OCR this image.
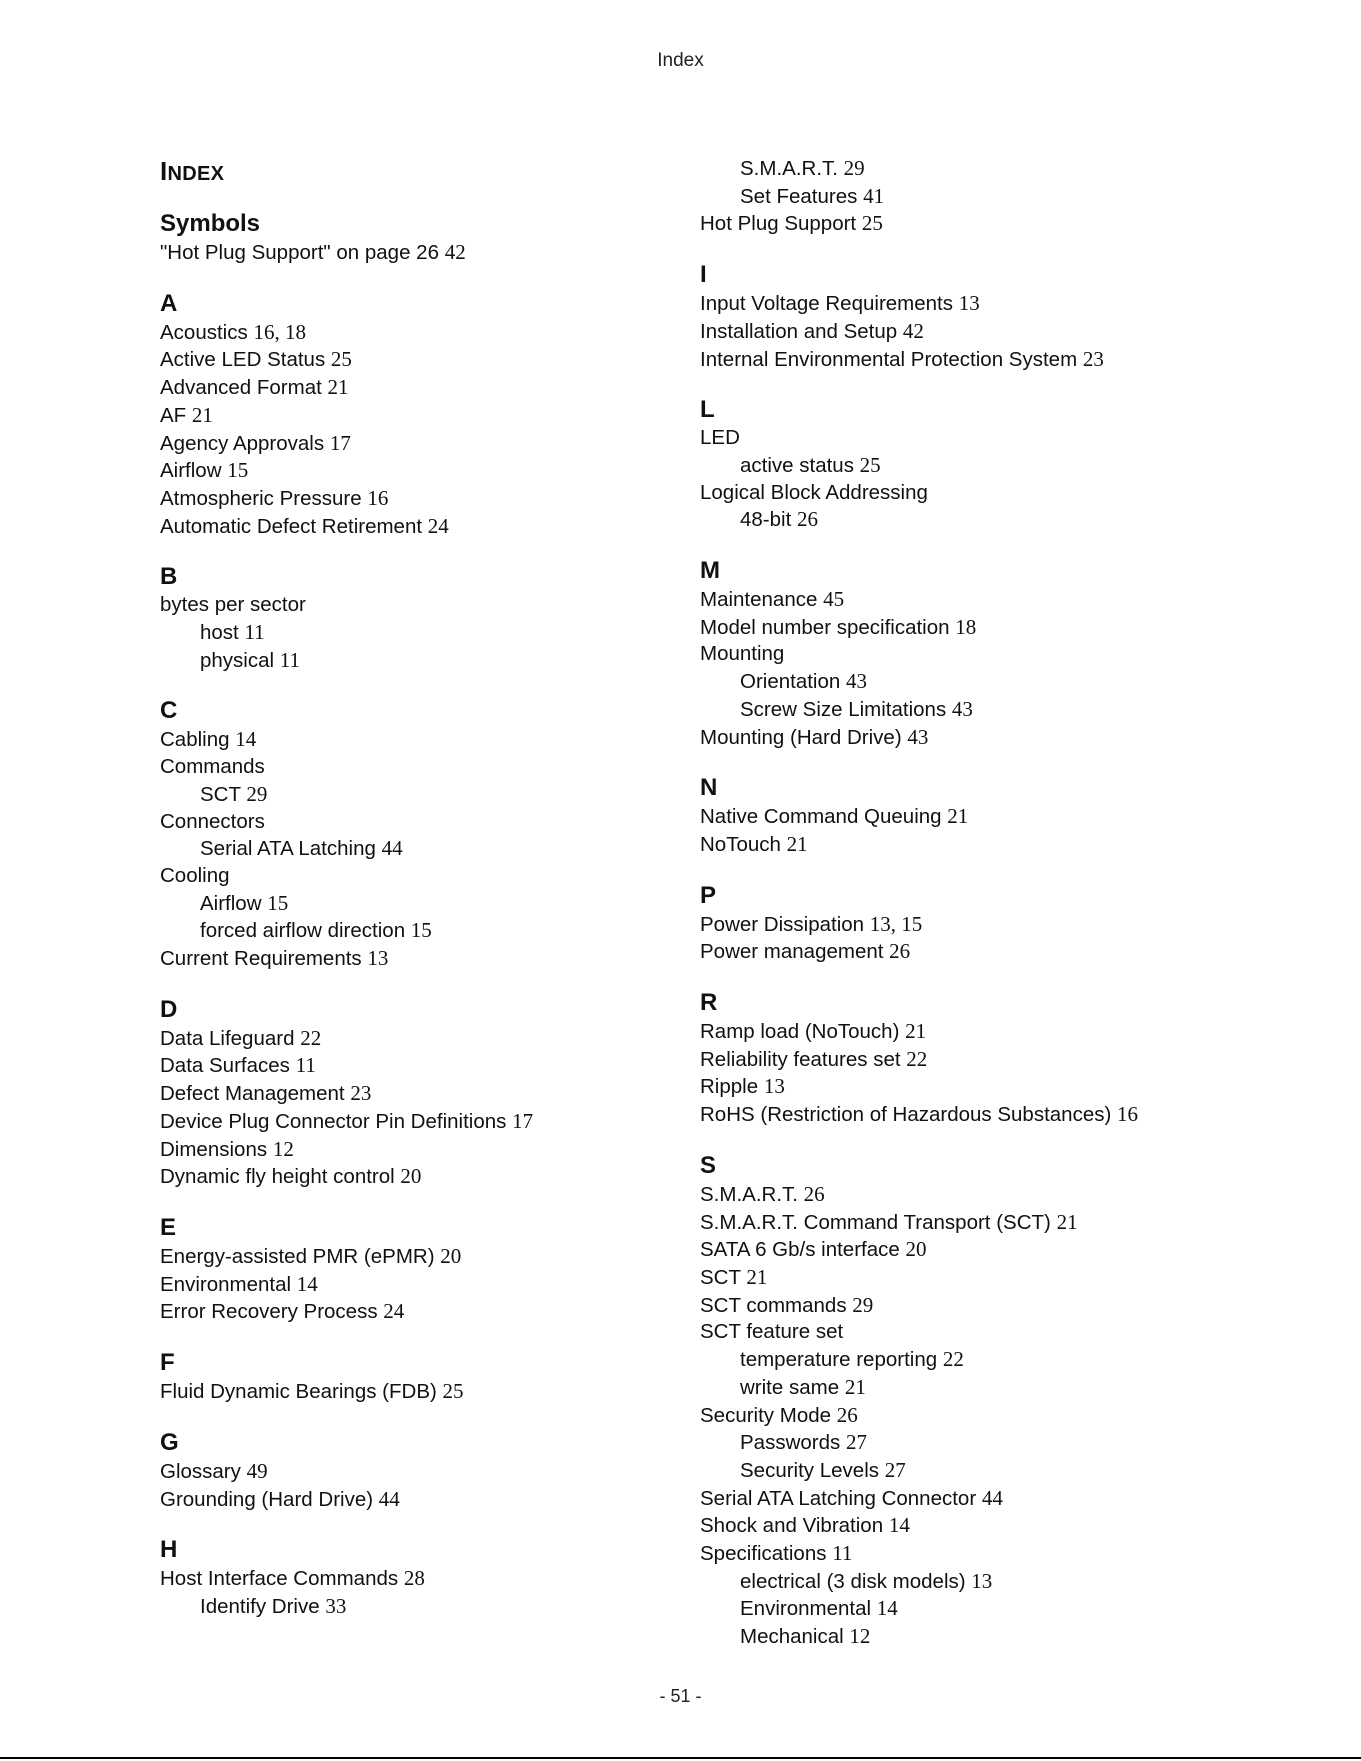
Index
INDEX
Symbols
"Hot Plug Support" on page 26 42
A
Acoustics 16, 18
Active LED Status 25
Advanced Format 21
AF 21
Agency Approvals 17
Airflow 15
Atmospheric Pressure 16
Automatic Defect Retirement 24
B
bytes per sector
host 11
physical 11
C
Cabling 14
Commands
SCT 29
Connectors
Serial ATA Latching 44
Cooling
Airflow 15
forced airflow direction 15
Current Requirements 13
D
Data Lifeguard 22
Data Surfaces 11
Defect Management 23
Device Plug Connector Pin Definitions 17
Dimensions 12
Dynamic fly height control 20
E
Energy-assisted PMR (ePMR) 20
Environmental 14
Error Recovery Process 24
F
Fluid Dynamic Bearings (FDB) 25
G
Glossary 49
Grounding (Hard Drive) 44
H
Host Interface Commands 28
Identify Drive 33
S.M.A.R.T. 29
Set Features 41
Hot Plug Support 25
I
Input Voltage Requirements 13
Installation and Setup 42
Internal Environmental Protection System 23
L
LED
active status 25
Logical Block Addressing
48-bit 26
M
Maintenance 45
Model number specification 18
Mounting
Orientation 43
Screw Size Limitations 43
Mounting (Hard Drive) 43
N
Native Command Queuing 21
NoTouch 21
P
Power Dissipation 13, 15
Power management 26
R
Ramp load (NoTouch) 21
Reliability features set 22
Ripple 13
RoHS (Restriction of Hazardous Substances) 16
S
S.M.A.R.T. 26
S.M.A.R.T. Command Transport (SCT) 21
SATA 6 Gb/s interface 20
SCT 21
SCT commands 29
SCT feature set
temperature reporting 22
write same 21
Security Mode 26
Passwords 27
Security Levels 27
Serial ATA Latching Connector 44
Shock and Vibration 14
Specifications 11
electrical (3 disk models) 13
Environmental 14
Mechanical 12
- 51 -
